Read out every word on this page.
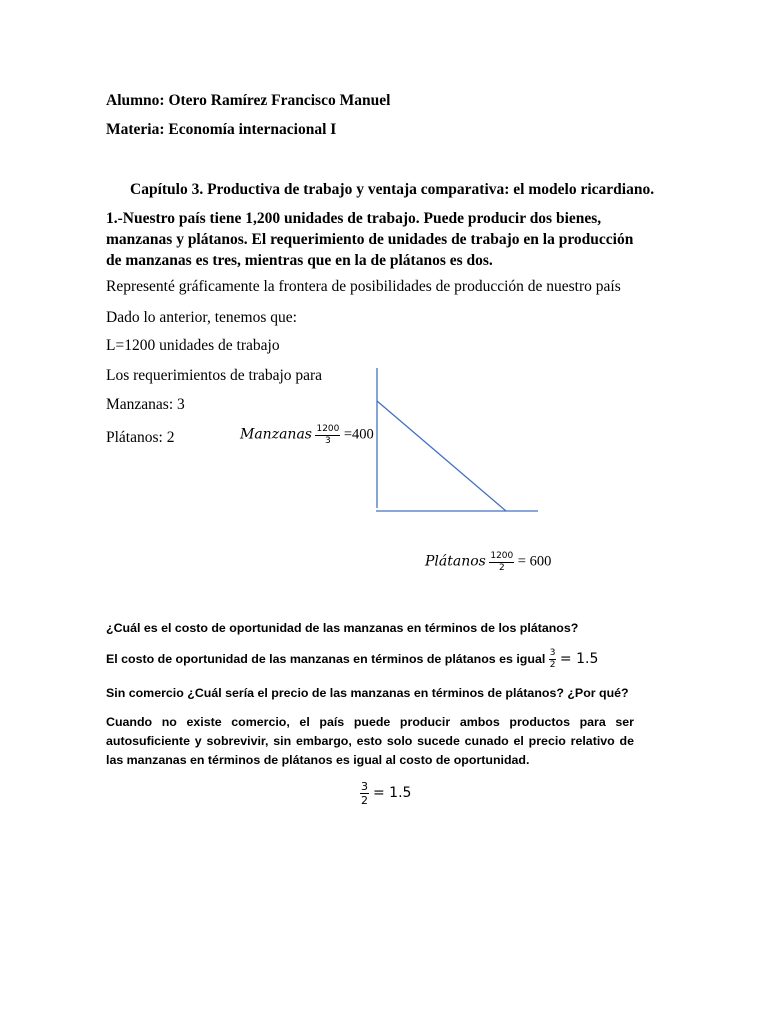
Alumno: Otero Ramírez Francisco Manuel
Materia: Economía internacional I
Capítulo 3. Productiva de trabajo y ventaja comparativa: el modelo ricardiano.
1.-Nuestro país tiene 1,200 unidades de trabajo. Puede producir dos bienes, manzanas y plátanos. El requerimiento de unidades de trabajo en la producción de manzanas es tres, mientras que en la de plátanos es dos.
Representé gráficamente la frontera de posibilidades de producción de nuestro país
Dado lo anterior, tenemos que:
L=1200 unidades de trabajo
Los requerimientos de trabajo para
Manzanas: 3
Plátanos: 2	Manzanas $\frac{1200}{3} =400$
Plátanos $\frac{1200}{2} = 600$
¿Cuál es el costo de oportunidad de las manzanas en términos de los plátanos?
El costo de oportunidad de las manzanas en términos de plátanos es igual $\frac{3}{2} = 1.5$
Sin comercio ¿Cuál sería el precio de las manzanas en términos de plátanos? ¿Por qué?
Cuando no existe comercio, el país puede producir ambos productos para ser autosuficiente y sobrevivir, sin embargo, esto solo sucede cunado el precio relativo de las manzanas en términos de plátanos es igual al costo de oportunidad.
$\frac{3}{2} = 1.5$
